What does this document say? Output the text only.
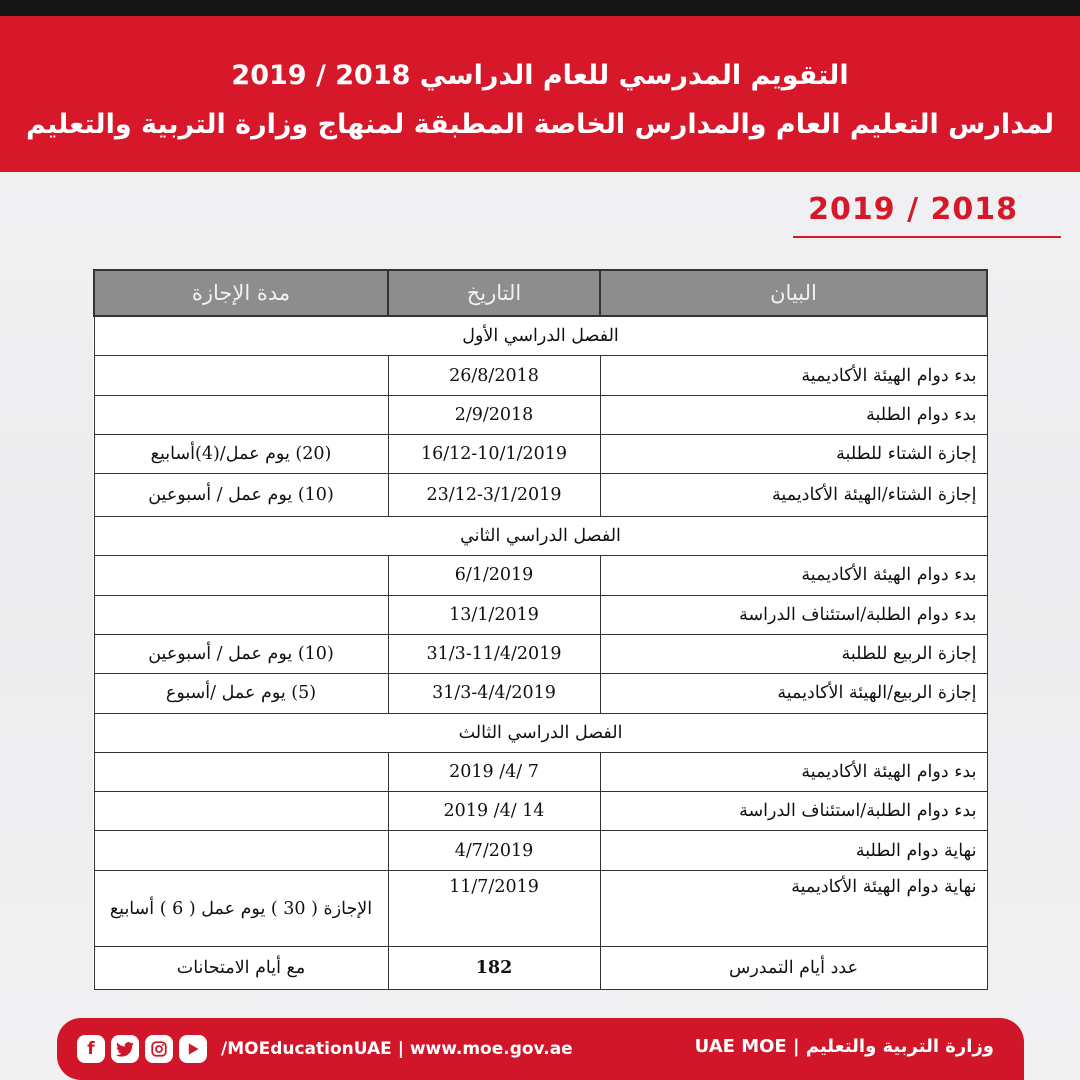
التقويم المدرسي للعام الدراسي 2018 / 2019
لمدارس التعليم العام والمدارس الخاصة المطبقة لمنهاج وزارة التربية والتعليم
2019 / 2018
البيان	التاريخ	مدة الإجازة
الفصل الدراسي الأول		
بدء دوام الهيئة الأكاديمية	26/8/2018	
بدء دوام الطلبة	2/9/2018	
إجازة الشتاء للطلبة	16/12-10/1/2019	(20) يوم عمل/(4)أسابيع
إجازة الشتاء/الهيئة الأكاديمية	23/12-3/1/2019	(10) يوم عمل / أسبوعين
الفصل الدراسي الثاني		
بدء دوام الهيئة الأكاديمية	6/1/2019	
بدء دوام الطلبة/استئناف الدراسة	13/1/2019	
إجازة الربيع للطلبة	31/3-11/4/2019	(10) يوم عمل / أسبوعين
إجازة الربيع/الهيئة الأكاديمية	31/3-4/4/2019	(5) يوم عمل /أسبوع
الفصل الدراسي الثالث		
بدء دوام الهيئة الأكاديمية	7 /4/ 2019	
بدء دوام الطلبة/استئناف الدراسة	14 /4/ 2019	
نهاية دوام الطلبة	4/7/2019	
نهاية دوام الهيئة الأكاديمية	11/7/2019	الإجازة ( 30 ) يوم عمل ( 6 ) أسابيع
عدد أيام التمدرس	182	مع أيام الامتحانات
f	/MOEducationUAE | www.moe.gov.ae	وزارة التربية والتعليم | UAE MOE
